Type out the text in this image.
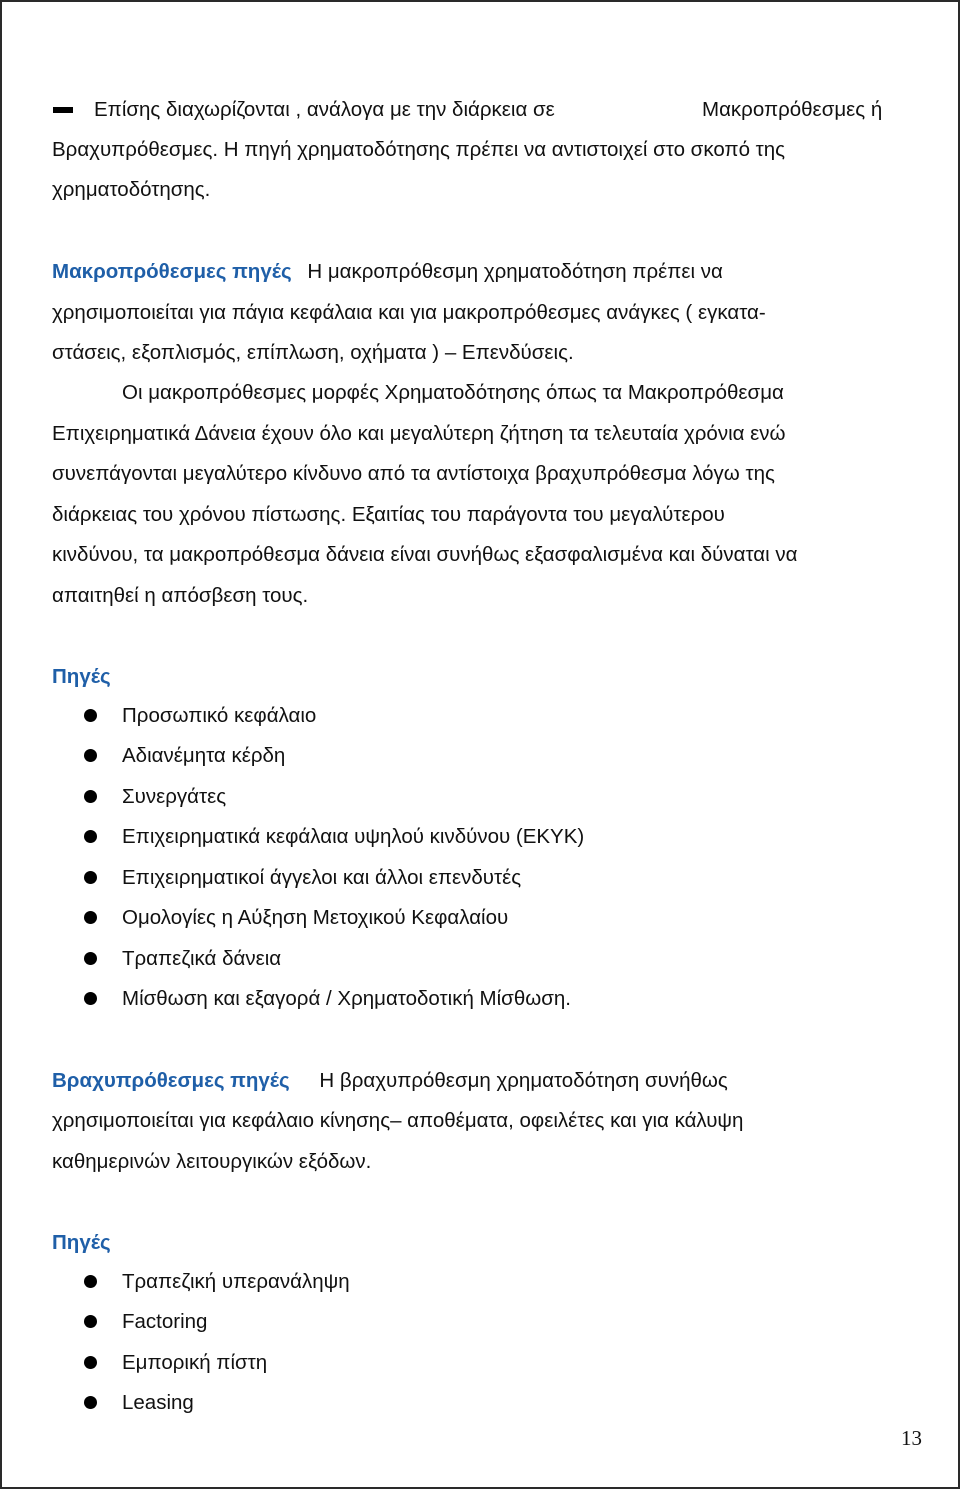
Επίσης διαχωρίζονται , ανάλογα με την διάρκεια σε	Μακροπρόθεσμες ή

Βραχυπρόθεσμες. Η πηγή χρηματοδότησης πρέπει να αντιστοιχεί στο σκοπό της

χρηματοδότησης.

Μακροπρόθεσμες πηγές Η μακροπρόθεσμη χρηματοδότηση πρέπει να

χρησιμοποιείται για πάγια κεφάλαια και για μακροπρόθεσμες ανάγκες ( εγκατα-

στάσεις, εξοπλισμός, επίπλωση, οχήματα ) – Επενδύσεις.

Οι μακροπρόθεσμες μορφές Χρηματοδότησης όπως τα Μακροπρόθεσμα

Επιχειρηματικά Δάνεια έχουν όλο και μεγαλύτερη ζήτηση τα τελευταία χρόνια ενώ

συνεπάγονται μεγαλύτερο κίνδυνο από τα αντίστοιχα βραχυπρόθεσμα λόγω της

διάρκειας του χρόνου πίστωσης. Εξαιτίας του παράγοντα του μεγαλύτερου

κινδύνου, τα μακροπρόθεσμα δάνεια είναι συνήθως εξασφαλισμένα και δύναται να

απαιτηθεί η απόσβεση τους.

Πηγές

Προσωπικό κεφάλαιο

Αδιανέμητα κέρδη

Συνεργάτες

Επιχειρηματικά κεφάλαια υψηλού κινδύνου (ΕΚΥΚ)

Επιχειρηματικοί άγγελοι και άλλοι επενδυτές

Ομολογίες η Αύξηση Μετοχικού Κεφαλαίου

Τραπεζικά δάνεια

Μίσθωση και εξαγορά / Χρηματοδοτική Μίσθωση.

Βραχυπρόθεσμες πηγές Η βραχυπρόθεσμη χρηματοδότηση συνήθως

χρησιμοποιείται για κεφάλαιο κίνησης– αποθέματα, οφειλέτες και για κάλυψη

καθημερινών λειτουργικών εξόδων.

Πηγές

Τραπεζική υπερανάληψη

Factoring

Εμπορική πίστη

Leasing

13
